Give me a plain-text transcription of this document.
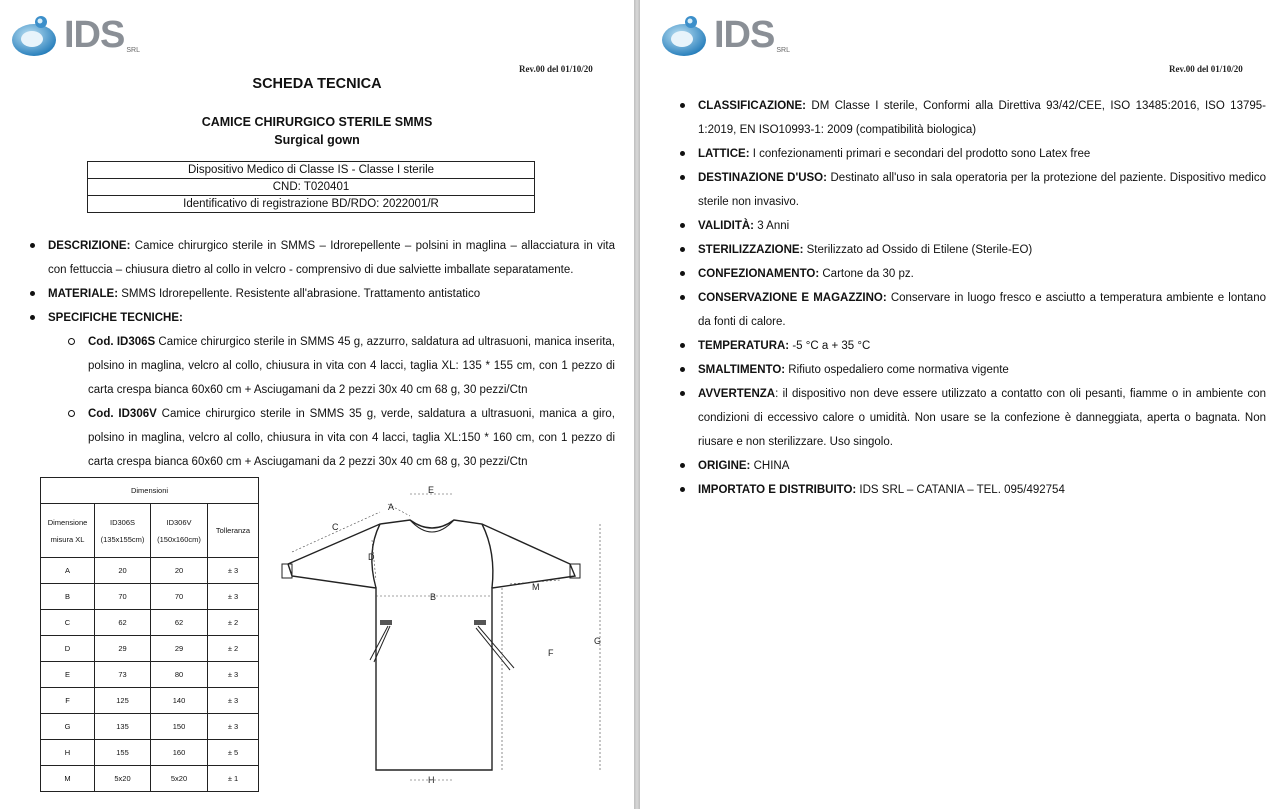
IDS SRL
Rev.00 del 01/10/20
SCHEDA TECNICA
CAMICE CHIRURGICO STERILE SMMS
Surgical gown
Dispositivo Medico di Classe IS - Classe I sterile
CND: T020401
Identificativo di registrazione BD/RDO: 2022001/R
DESCRIZIONE: Camice chirurgico sterile in SMMS – Idrorepellente – polsini in maglina – allacciatura in vita con fettuccia – chiusura dietro al collo in velcro - comprensivo di due salviette imballate separatamente.
MATERIALE: SMMS Idrorepellente. Resistente all'abrasione. Trattamento antistatico
SPECIFICHE TECNICHE:
Cod. ID306S Camice chirurgico sterile in SMMS 45 g, azzurro, saldatura ad ultrasuoni, manica inserita, polsino in maglina, velcro al collo, chiusura in vita con 4 lacci, taglia XL: 135 * 155 cm, con 1 pezzo di carta crespa bianca 60x60 cm + Asciugamani da 2 pezzi 30x 40 cm 68 g, 30 pezzi/Ctn
Cod. ID306V Camice chirurgico sterile in SMMS 35 g, verde, saldatura a ultrasuoni, manica a giro, polsino in maglina, velcro al collo, chiusura in vita con 4 lacci, taglia XL:150 * 160 cm, con 1 pezzo di carta crespa bianca 60x60 cm + Asciugamani da 2 pezzi 30x 40 cm 68 g, 30 pezzi/Ctn
Dimensioni			
Dimensione misura XL	ID306S (135x155cm)	ID306V (150x160cm)	Tolleranza
A	20	20	± 3
B	70	70	± 3
C	62	62	± 2
D	29	29	± 2
E	73	80	± 3
F	125	140	± 3
G	135	150	± 3
H	155	160	± 5
M	5x20	5x20	± 1
E
A
C
D
B
M
F
G
H
IDS SRL
Rev.00 del 01/10/20
CLASSIFICAZIONE: DM Classe I sterile, Conformi alla Direttiva 93/42/CEE, ISO 13485:2016, ISO 13795-1:2019, EN ISO10993-1: 2009 (compatibilità biologica)
LATTICE: I confezionamenti primari e secondari del prodotto sono Latex free
DESTINAZIONE D'USO: Destinato all'uso in sala operatoria per la protezione del paziente. Dispositivo medico sterile non invasivo.
VALIDITÀ: 3 Anni
STERILIZZAZIONE: Sterilizzato ad Ossido di Etilene (Sterile-EO)
CONFEZIONAMENTO: Cartone da 30 pz.
CONSERVAZIONE E MAGAZZINO: Conservare in luogo fresco e asciutto a temperatura ambiente e lontano da fonti di calore.
TEMPERATURA: -5 °C a + 35 °C
SMALTIMENTO: Rifiuto ospedaliero come normativa vigente
AVVERTENZA: il dispositivo non deve essere utilizzato a contatto con oli pesanti, fiamme o in ambiente con condizioni di eccessivo calore o umidità. Non usare se la confezione è danneggiata, aperta o bagnata. Non riusare e non sterilizzare. Uso singolo.
ORIGINE: CHINA
IMPORTATO E DISTRIBUITO: IDS SRL – CATANIA – TEL. 095/492754
